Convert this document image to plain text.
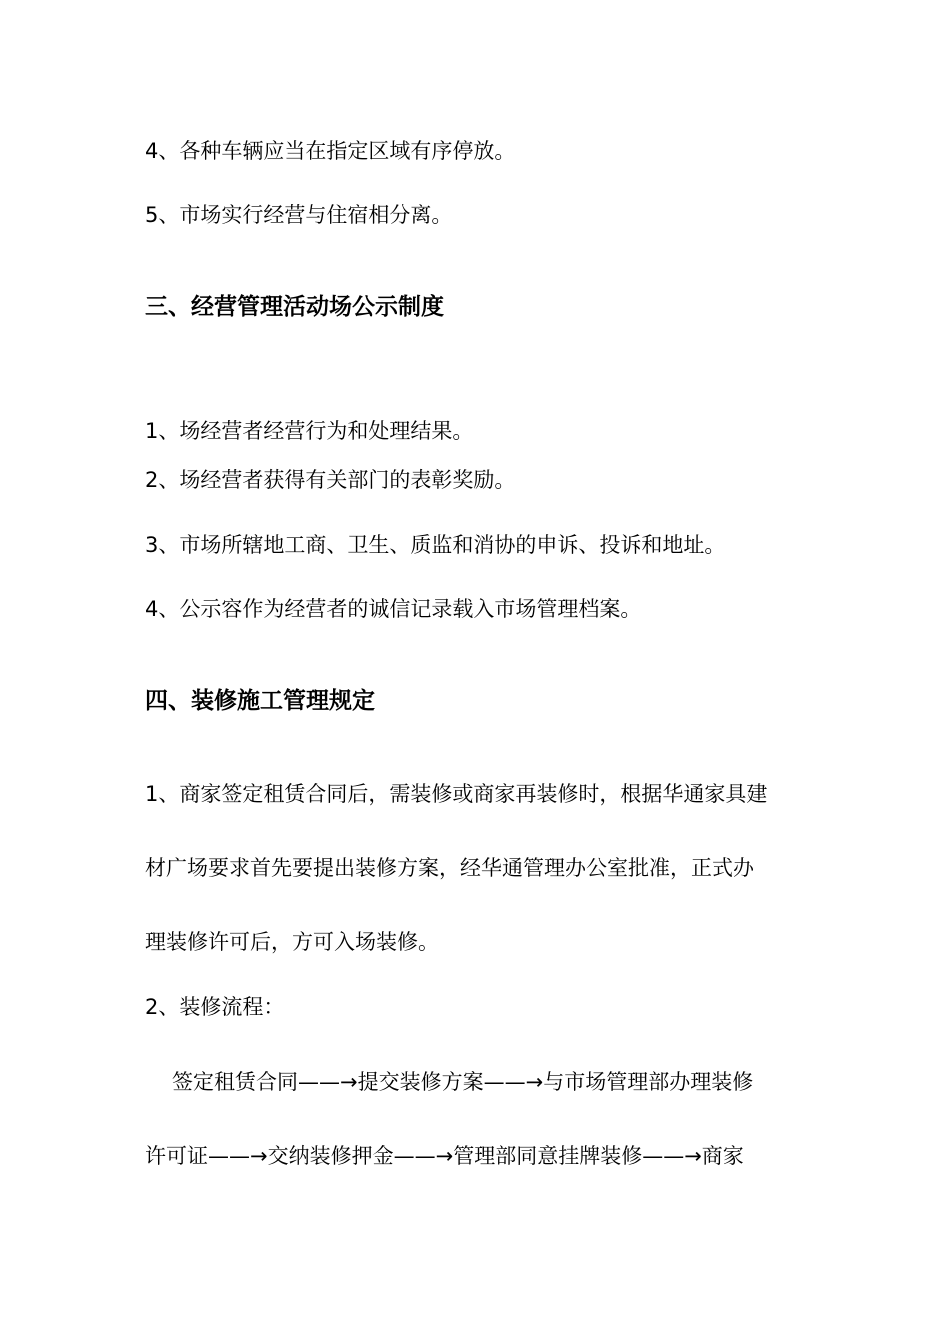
4、各种车辆应当在指定区域有序停放。
5、市场实行经营与住宿相分离。
三、经营管理活动场公示制度
1、场经营者经营行为和处理结果。
2、场经营者获得有关部门的表彰奖励。
3、市场所辖地工商、卫生、质监和消协的申诉、投诉和地址。
4、公示容作为经营者的诚信记录载入市场管理档案。
四、装修施工管理规定
1、商家签定租赁合同后，需装修或商家再装修时，根据华通家具建
材广场要求首先要提出装修方案，经华通管理办公室批准，正式办
理装修许可后，方可入场装修。
2、装修流程：
签定租赁合同——→提交装修方案——→与市场管理部办理装修
许可证——→交纳装修押金——→管理部同意挂牌装修——→商家
